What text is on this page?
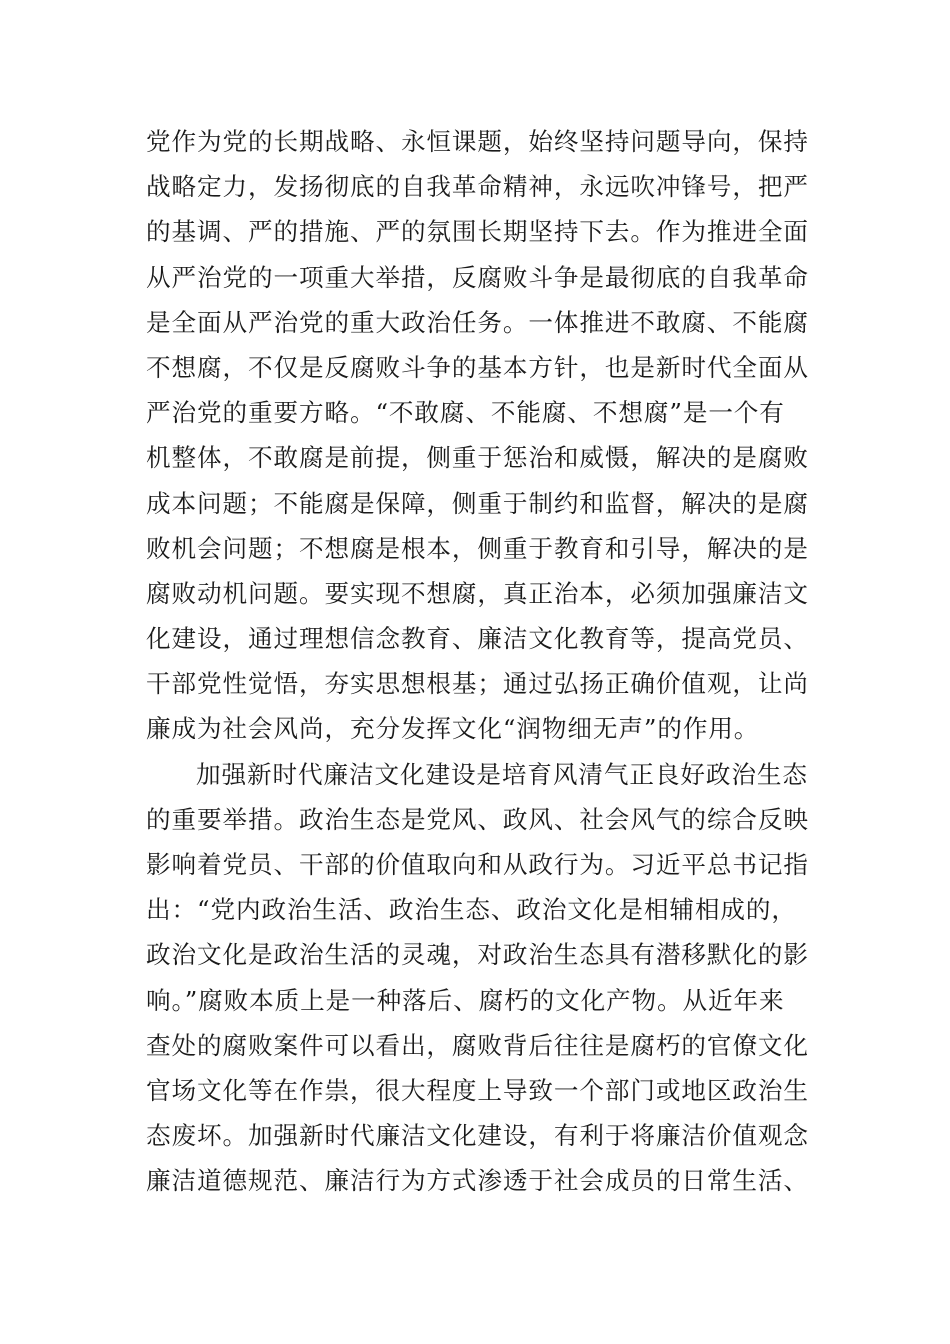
党作为党的长期战略、永恒课题，始终坚持问题导向，保持
战略定力，发扬彻底的自我革命精神，永远吹冲锋号，把严
的基调、严的措施、严的氛围长期坚持下去。作为推进全面
从严治党的一项重大举措，反腐败斗争是最彻底的自我革命
是全面从严治党的重大政治任务。一体推进不敢腐、不能腐
不想腐，不仅是反腐败斗争的基本方针，也是新时代全面从
严治党的重要方略。“不敢腐、不能腐、不想腐”是一个有
机整体，不敢腐是前提，侧重于惩治和威慑，解决的是腐败
成本问题；不能腐是保障，侧重于制约和监督，解决的是腐
败机会问题；不想腐是根本，侧重于教育和引导，解决的是
腐败动机问题。要实现不想腐，真正治本，必须加强廉洁文
化建设，通过理想信念教育、廉洁文化教育等，提高党员、
干部党性觉悟，夯实思想根基；通过弘扬正确价值观，让尚
廉成为社会风尚，充分发挥文化“润物细无声”的作用。
加强新时代廉洁文化建设是培育风清气正良好政治生态
的重要举措。政治生态是党风、政风、社会风气的综合反映
影响着党员、干部的价值取向和从政行为。习近平总书记指
出：“党内政治生活、政治生态、政治文化是相辅相成的，
政治文化是政治生活的灵魂，对政治生态具有潜移默化的影
响。”腐败本质上是一种落后、腐朽的文化产物。从近年来
查处的腐败案件可以看出，腐败背后往往是腐朽的官僚文化
官场文化等在作祟，很大程度上导致一个部门或地区政治生
态废坏。加强新时代廉洁文化建设，有利于将廉洁价值观念
廉洁道德规范、廉洁行为方式渗透于社会成员的日常生活、
